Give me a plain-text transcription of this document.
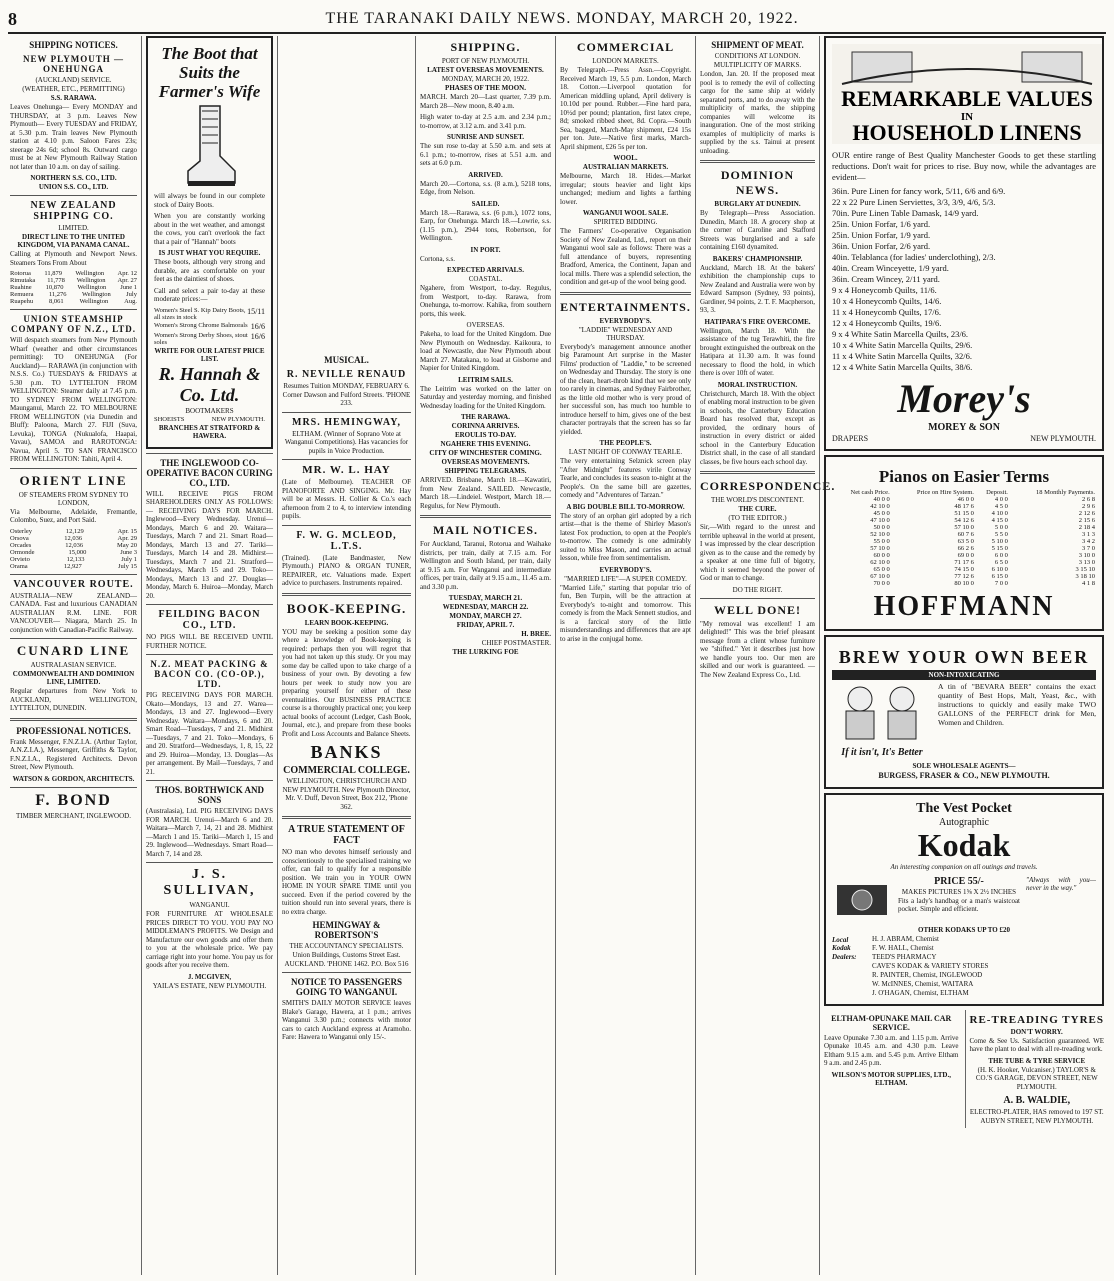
8	THE TARANAKI DAILY NEWS. MONDAY, MARCH 20, 1922.
SHIPPING NOTICES.
NEW PLYMOUTH — ONEHUNGA
(AUCKLAND) SERVICE.
(WEATHER, ETC., PERMITTING)
S.S. RARAWA.
Leaves Onehunga— Every MONDAY and THURSDAY, at 3 p.m. Leaves New Plymouth— Every TUESDAY and FRIDAY, at 5.30 p.m. Train leaves New Plymouth station at 4.10 p.m. Saloon Fares 23s; steerage 24s 6d; school 8s. Outward cargo must be at New Plymouth Railway Station not later than 10 a.m. on day of sailing.
NORTHERN S.S. CO., LTD.
UNION S.S. CO., LTD.
NEW ZEALAND SHIPPING CO.
LIMITED.
DIRECT LINE TO THE UNITED KINGDOM, VIA PANAMA CANAL.
Calling at Plymouth and Newport News. Steamers Tons From About
Rotorua 11,879 Wellington Apr. 12
Rimutaka 11,778 Wellington Apr. 27
Ruahine 10,870 Wellington June 1
Remuera 11,276 Wellington July
Ruapehu 8,061 Wellington Aug.
UNION STEAMSHIP COMPANY OF N.Z., LTD.
Will despatch steamers from New Plymouth Wharf (weather and other circumstances permitting): TO ONEHUNGA (For Auckland)— RARAWA (in conjunction with N.S.S. Co.) TUESDAYS & FRIDAYS at 5.30 p.m. TO LYTTELTON FROM WELLINGTON: Steamer daily at 7.45 p.m. TO SYDNEY FROM WELLINGTON: Maunganui, March 22. TO MELBOURNE FROM WELLINGTON (via Dunedin and Bluff): Paloona, March 27. FIJI (Suva, Levuka), TONGA (Nukualofa, Haapai, Vavau), SAMOA and RAROTONGA: Navua, April 5. TO SAN FRANCISCO FROM WELLINGTON: Tahiti, April 4.
ORIENT LINE
OF STEAMERS FROM SYDNEY TO LONDON,
Via Melbourne, Adelaide, Fremantle, Colombo, Suez, and Port Said.
Osterley	12,129	Apr. 15
Orsova	12,036	Apr. 29
Orcades	12,036	May 20
Ormonde	15,000	June 3
Orvieto	12,133	July 1
Orama	12,927	July 15
VANCOUVER ROUTE.
AUSTRALIA—NEW ZEALAND—CANADA. Fast and luxurious CANADIAN AUSTRALIAN R.M. LINE. FOR VANCOUVER— Niagara, March 25. In conjunction with Canadian-Pacific Railway.
CUNARD LINE
AUSTRALASIAN SERVICE.
COMMONWEALTH AND DOMINION LINE, LIMITED.
Regular departures from New York to AUCKLAND, WELLINGTON, LYTTELTON, DUNEDIN.
PROFESSIONAL NOTICES.
Frank Messenger, F.N.Z.I.A. (Arthur Taylor, A.N.Z.I.A.), Messenger, Griffiths & Taylor, F.N.Z.I.A., Registered Architects. Devon Street, New Plymouth.
WATSON & GORDON, ARCHITECTS.
F. BOND
TIMBER MERCHANT, INGLEWOOD.
The Boot that Suits the Farmer's Wife
will always be found in our complete stock of Dairy Boots.
When you are constantly working about in the wet weather, and amongst the cows, you can't overlook the fact that a pair of "Hannah" boots
IS JUST WHAT YOU REQUIRE.
These boots, although very strong and durable, are as comfortable on your feet as the daintiest of shoes.
Call and select a pair to-day at these moderate prices:—
Women's Steel S. Kip Dairy Boots, all sizes in stock
15/11
Women's Strong Chrome Balmorals 16/6
Women's Strong Derby Shoes, stout soles
16/6
WRITE FOR OUR LATEST PRICE LIST.
R. Hannah & Co. Ltd.
BOOTMAKERS
SHOEISTS	NEW PLYMOUTH.
BRANCHES AT STRATFORD & HAWERA.
THE INGLEWOOD CO-OPERATIVE BACON CURING CO., LTD.
WILL RECEIVE PIGS FROM SHAREHOLDERS ONLY AS FOLLOWS:— RECEIVING DAYS FOR MARCH. Inglewood—Every Wednesday. Urenui—Mondays, March 6 and 20. Waitara—Tuesdays, March 7 and 21. Smart Road—Mondays, March 13 and 27. Tariki—Tuesdays, March 14 and 28. Midhirst—Tuesdays, March 7 and 21. Stratford—Wednesdays, March 15 and 29. Toko—Mondays, March 13 and 27. Douglas—Monday, March 6. Huiroa—Monday, March 20.
FEILDING BACON CO., LTD.
NO PIGS WILL BE RECEIVED UNTIL FURTHER NOTICE.
N.Z. MEAT PACKING & BACON CO. (CO-OP.), LTD.
PIG RECEIVING DAYS FOR MARCH. Okato—Mondays, 13 and 27. Warea—Mondays, 13 and 27. Inglewood—Every Wednesday. Waitara—Mondays, 6 and 20. Smart Road—Tuesdays, 7 and 21. Midhirst—Tuesdays, 7 and 21. Toko—Mondays, 6 and 20. Stratford—Wednesdays, 1, 8, 15, 22 and 29. Huiroa—Monday, 13. Douglas—As per arrangement. By Mail—Tuesdays, 7 and 21.
THOS. BORTHWICK AND SONS
(Australasia), Ltd. PIG RECEIVING DAYS FOR MARCH. Urenui—March 6 and 20. Waitara—March 7, 14, 21 and 28. Midhirst—March 1 and 15. Tariki—March 1, 15 and 29. Inglewood—Wednesdays. Smart Road—March 7, 14 and 28.
J. S. SULLIVAN,
WANGANUI.
FOR FURNITURE AT WHOLESALE PRICES DIRECT TO YOU. YOU PAY NO MIDDLEMAN'S PROFITS. We Design and Manufacture our own goods and offer them to you at the wholesale price. We pay carriage right into your home. You pay us for goods after you receive them.
J. MCGIVEN,
YAILA'S ESTATE, NEW PLYMOUTH.
MUSICAL.
R. NEVILLE RENAUD
Resumes Tuition MONDAY, FEBRUARY 6. Corner Dawson and Fulford Streets. 'PHONE 233.
MRS. HEMINGWAY,
ELTHAM. (Winner of Soprano Vote at Wanganui Competitions). Has vacancies for pupils in Voice Production.
MR. W. L. HAY
(Late of Melbourne). TEACHER OF PIANOFORTE AND SINGING. Mr. Hay will be at Messrs. H. Collier & Co.'s each afternoon from 2 to 4, to interview intending pupils.
F. W. G. MCLEOD, L.T.S.
(Trained). (Late Bandmaster, New Plymouth.) PIANO & ORGAN TUNER, REPAIRER, etc. Valuations made. Expert advice to purchasers. Instruments repaired.
BOOK-KEEPING.
LEARN BOOK-KEEPING.
YOU may be seeking a position some day where a knowledge of Book-keeping is required: perhaps then you will regret that you had not taken up this study. Or you may some day be called upon to take charge of a business of your own. By devoting a few hours per week to study now you are preparing yourself for either of these eventualities. Our BUSINESS PRACTICE course is a thoroughly practical one; you keep actual books of account (Ledger, Cash Book, Journal, etc.), and prepare from these books Profit and Loss Accounts and Balance Sheets.
BANKS
COMMERCIAL COLLEGE.
WELLINGTON, CHRISTCHURCH AND NEW PLYMOUTH. New Plymouth Director, Mr. V. Duff, Devon Street, Box 212, 'Phone 362.
A TRUE STATEMENT OF FACT
NO man who devotes himself seriously and conscientiously to the specialised training we offer, can fail to qualify for a responsible position. We train you in YOUR OWN HOME IN YOUR SPARE TIME until you succeed. Even if the period covered by the tuition should run into several years, there is no extra charge.
HEMINGWAY & ROBERTSON'S
THE ACCOUNTANCY SPECIALISTS.
Union Buildings, Customs Street East. AUCKLAND. 'PHONE 1462. P.O. Box 516
NOTICE TO PASSENGERS GOING TO WANGANUI.
SMITH'S DAILY MOTOR SERVICE leaves Blake's Garage, Hawera, at 1 p.m.; arrives Wanganui 3.30 p.m.; connects with motor cars to catch Auckland express at Aramoho. Fare: Hawera to Wanganui only 15/-.
SHIPPING.
PORT OF NEW PLYMOUTH.
LATEST OVERSEAS MOVEMENTS.
MONDAY, MARCH 20, 1922.
PHASES OF THE MOON.
MARCH. March 20—Last quarter, 7.39 p.m. March 28—New moon, 8.40 a.m.
High water to-day at 2.5 a.m. and 2.34 p.m.; to-morrow, at 3.12 a.m. and 3.41 p.m.
SUNRISE AND SUNSET.
The sun rose to-day at 5.50 a.m. and sets at 6.1 p.m.; to-morrow, rises at 5.51 a.m. and sets at 6.0 p.m.
ARRIVED.
March 20.—Cortona, s.s. (8 a.m.), 5218 tons, Edge, from Nelson.
SAILED.
March 18.—Rarawa, s.s. (6 p.m.), 1072 tons, Earp, for Onehunga. March 18.—Lowrie, s.s. (1.15 p.m.), 2944 tons, Robertson, for Wellington.
IN PORT.
Cortona, s.s.
EXPECTED ARRIVALS.
COASTAL.
Ngahere, from Westport, to-day. Regulus, from Westport, to-day. Rarawa, from Onehunga, to-morrow. Kahika, from southern ports, this week.
OVERSEAS.
Pakeha, to load for the United Kingdom. Due New Plymouth on Wednesday. Kaikoura, to load at Newcastle, due New Plymouth about March 27. Matakana, to load at Gisborne and Napier for United Kingdom.
LEITRIM SAILS.
The Leitrim was worked on the latter on Saturday and yesterday morning, and finished Wednesday loading for the United Kingdom.
THE RARAWA.
CORINNA ARRIVES.
EROULIS TO-DAY.
NGAHERE THIS EVENING.
CITY OF WINCHESTER COMING.
OVERSEAS MOVEMENTS.
SHIPPING TELEGRAMS.
ARRIVED. Brisbane, March 18.—Kawatiri, from New Zealand. SAILED. Newcastle, March 18.—Lindeiel. Westport, March 18.—Regulus, for New Plymouth.
MAIL NOTICES.
For Auckland, Taranui, Rotorua and Waihake districts, per train, daily at 7.15 a.m. For Wellington and South Island, per train, daily at 9.15 a.m. For Wanganui and intermediate offices, per train, daily at 9.15 a.m., 11.45 a.m. and 3.30 p.m.
TUESDAY, MARCH 21.
WEDNESDAY, MARCH 22.
MONDAY, MARCH 27.
FRIDAY, APRIL 7.
H. BREE.
CHIEF POSTMASTER.
THE LURKING FOE
COMMERCIAL
LONDON MARKETS.
By Telegraph.—Press Assn.—Copyright. Received March 19, 5.5 p.m. London, March 18. Cotton.—Liverpool quotation for American middling upland, April delivery is 10.10d per pound. Rubber.—Fine hard para, 10½d per pound; plantation, first latex crepe, 8d; smoked ribbed sheet, 8d. Copra.—South Sea, bagged, March-May shipment, £24 15s per ton. Jute.—Native first marks, March-April shipment, £26 5s per ton.
WOOL.
AUSTRALIAN MARKETS.
Melbourne, March 18. Hides.—Market irregular; stouts heavier and light kips unchanged; medium and lights a farthing lower.
WANGANUI WOOL SALE.
SPIRITED BIDDING.
The Farmers' Co-operative Organisation Society of New Zealand, Ltd., report on their Wanganui wool sale as follows: There was a full attendance of buyers, representing Bradford, America, the Continent, Japan and local mills. There was a splendid selection, the condition and get-up of the wool being good.
ENTERTAINMENTS.
EVERYBODY'S.
"LADDIE" WEDNESDAY AND THURSDAY.
Everybody's management announce another big Paramount Art surprise in the Master Films' production of "Laddie," to be screened on Wednesday and Thursday. The story is one of the clean, heart-throb kind that we see only too rarely in cinemas, and Sydney Fairbrother, as the little old mother who is very proud of her successful son, has much too humble to introduce herself to him, gives one of the best character portrayals that the screen has so far yielded.
THE PEOPLE'S.
LAST NIGHT OF CONWAY TEARLE.
The very entertaining Selznick screen play "After Midnight" features virile Conway Tearle, and concludes its season to-night at the People's. On the same bill are gazettes, comedy and "Adventures of Tarzan."
A BIG DOUBLE BILL TO-MORROW.
The story of an orphan girl adopted by a rich artist—that is the theme of Shirley Mason's latest Fox production, to open at the People's to-morrow. The comedy is one admirably suited to Miss Mason, and carries an actual lesson, while free from sentimentalism.
EVERYBODY'S.
"MARRIED LIFE"—A SUPER COMEDY.
"Married Life," starting that popular trio of fun, Ben Turpin, will be the attraction at Everybody's to-night and tomorrow. This comedy is from the Mack Sennett studios, and is a farcical story of the little misunderstandings and differences that are apt to arise in the conjugal home.
SHIPMENT OF MEAT.
CONDITIONS AT LONDON.
MULTIPLICITY OF MARKS.
London, Jan. 20. If the proposed meat pool is to remedy the evil of collecting cargo for the same ship at widely separated ports, and to do away with the multiplicity of marks, the shipping companies will welcome its inauguration. One of the most striking examples of multiplicity of marks is supplied by the s.s. Tainui at present unloading.
DOMINION NEWS.
BURGLARY AT DUNEDIN.
By Telegraph—Press Association. Dunedin, March 18. A grocery shop at the corner of Caroline and Stafford Streets was burglarised and a safe containing £160 dynamited.
BAKERS' CHAMPIONSHIP.
Auckland, March 18. At the bakers' exhibition the championship cups to New Zealand and Australia were won by Edward Sampson (Sydney, 93 points), Gardiner, 94 points, 2. T. F. Macpherson, 93, 3.
HATIPARA'S FIRE OVERCOME.
Wellington, March 18. With the assistance of the tug Terawhiti, the fire brought extinguished the outbreak on the Hatipara at 11.30 a.m. It was found necessary to flood the hold, in which there is over 10ft of water.
MORAL INSTRUCTION.
Christchurch, March 18. With the object of enabling moral instruction to be given in schools, the Canterbury Education Board has resolved that, except as provided, the ordinary hours of instruction in every district or aided school in the Canterbury Education District shall, in the case of all standard classes, be five hours each school day.
CORRESPONDENCE.
THE WORLD'S DISCONTENT.
THE CURE.
(TO THE EDITOR.)
Sir,—With regard to the unrest and terrible upheaval in the world at present, I was impressed by the clear description given as to the cause and the remedy by a speaker at one time full of bigotry, which it seemed beyond the power of God or man to change.
DO THE RIGHT.
WELL DONE!
"My removal was excellent! I am delighted!" This was the brief pleasant message from a client whose furniture we "shifted." Yet it describes just how we handle yours too. Our men are skilled and our work is guaranteed. — The New Zealand Express Co., Ltd.
REMARKABLE VALUES
IN
HOUSEHOLD LINENS
OUR entire range of Best Quality Manchester Goods to get these startling reductions. Don't wait for prices to rise. Buy now, while the advantages are evident—
36in. Pure Linen for fancy work, 5/11, 6/6 and 6/9.
22 x 22 Pure Linen Serviettes, 3/3, 3/9, 4/6, 5/3.
70in. Pure Linen Table Damask, 14/9 yard.
25in. Union Forfar, 1/6 yard.
25in. Union Forfar, 1/9 yard.
36in. Union Forfar, 2/6 yard.
40in. Telablanca (for ladies' underclothing), 2/3.
40in. Cream Winceyette, 1/9 yard.
36in. Cream Wincey, 2/11 yard.
9 x 4 Honeycomb Quilts, 11/6.
10 x 4 Honeycomb Quilts, 14/6.
11 x 4 Honeycomb Quilts, 17/6.
12 x 4 Honeycomb Quilts, 19/6.
9 x 4 White Satin Marcella Quilts, 23/6.
10 x 4 White Satin Marcella Quilts, 29/6.
11 x 4 White Satin Marcella Quilts, 32/6.
12 x 4 White Satin Marcella Quilts, 38/6.
Morey's
MOREY & SON
DRAPERS	NEW PLYMOUTH.
Pianos on Easier Terms
Net cash Price.	Price on Hire System.	Deposit.	18 Monthly Payments.
40 0 0	46 0 0	4 0 0	2 6 8
42 10 0	48 17 6	4 5 0	2 9 6
45 0 0	51 15 0	4 10 0	2 12 6
47 10 0	54 12 6	4 15 0	2 15 6
50 0 0	57 10 0	5 0 0	2 18 4
52 10 0	60 7 6	5 5 0	3 1 3
55 0 0	63 5 0	5 10 0	3 4 2
57 10 0	66 2 6	5 15 0	3 7 0
60 0 0	69 0 0	6 0 0	3 10 0
62 10 0	71 17 6	6 5 0	3 13 0
65 0 0	74 15 0	6 10 0	3 15 10
67 10 0	77 12 6	6 15 0	3 18 10
70 0 0	80 10 0	7 0 0	4 1 8
HOFFMANN
BREW YOUR OWN BEER
NON-INTOXICATING
If it isn't, It's Better
A tin of "BEVARA BEER" contains the exact quantity of Best Hops, Malt, Yeast, &c., with instructions to quickly and easily make TWO GALLONS of the PERFECT drink for Men, Women and Children.
SOLE WHOLESALE AGENTS—
BURGESS, FRASER & CO., NEW PLYMOUTH.
The Vest Pocket
Autographic
Kodak
An interesting companion on all outings and travels.
PRICE 55/-
MAKES PICTURES 1⅝ X 2½ INCHES
Fits a lady's handbag or a man's waistcoat pocket. Simple and efficient.
"Always with you— never in the way."
OTHER KODAKS UP TO £20
Local Kodak Dealers:
H. J. ABRAM, Chemist
F. W. HALL, Chemist
TEED'S PHARMACY
CAVE'S KODAK & VARIETY STORES
R. PAINTER, Chemist, INGLEWOOD
W. McINNES, Chemist, WAITARA
J. O'HAGAN, Chemist, ELTHAM
ELTHAM-OPUNAKE MAIL CAR SERVICE.
Leave Opunake 7.30 a.m. and 1.15 p.m. Arrive Opunake 10.45 a.m. and 4.30 p.m. Leave Eltham 9.15 a.m. and 5.45 p.m. Arrive Eltham 9 a.m. and 2.45 p.m.
WILSON'S MOTOR SUPPLIES, LTD., ELTHAM.
RE-TREADING TYRES
DON'T WORRY.
Come & See Us. Satisfaction guaranteed. WE have the plant to deal with all re-treading work.
THE TUBE & TYRE SERVICE
(H. K. Hooker, Vulcaniser.) TAYLOR'S & CO.'S GARAGE, DEVON STREET, NEW PLYMOUTH.
A. B. WALDIE,
ELECTRO-PLATER, HAS removed to 197 ST. AUBYN STREET, NEW PLYMOUTH.
